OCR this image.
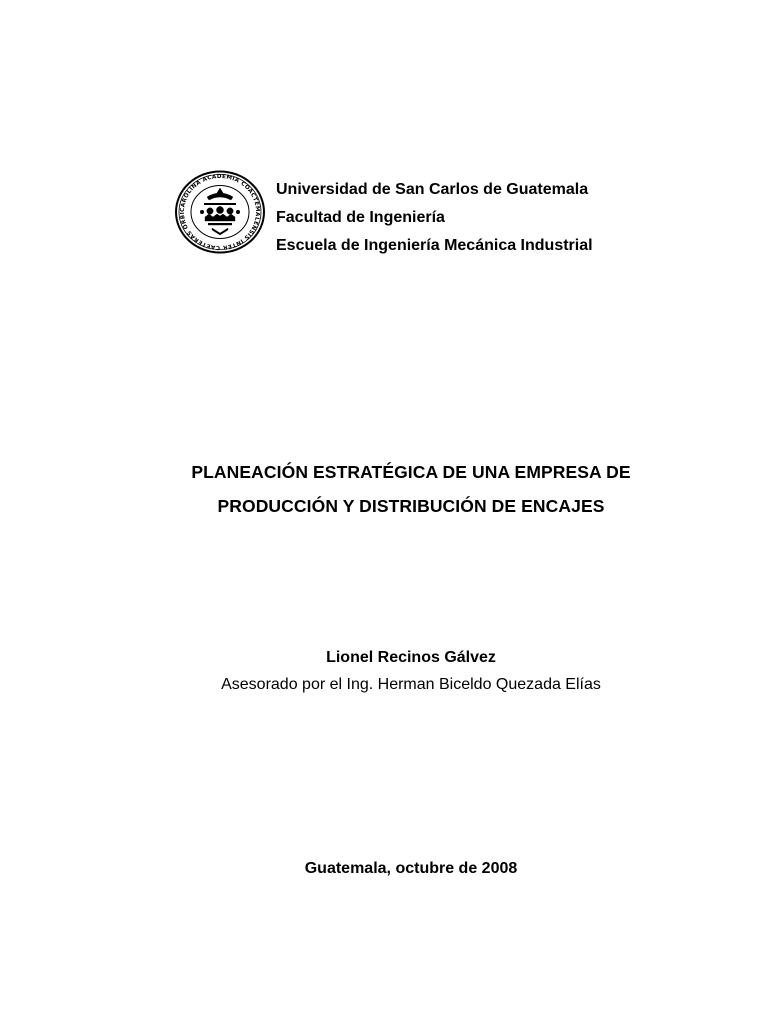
CAROLINA ACADEMIA COACTEMALENSIS INTER CAETERAS ORBI
Universidad de San Carlos de Guatemala
Facultad de Ingeniería
Escuela de Ingeniería Mecánica Industrial
PLANEACIÓN ESTRATÉGICA DE UNA EMPRESA DE
PRODUCCIÓN Y DISTRIBUCIÓN DE ENCAJES
Lionel Recinos Gálvez
Asesorado por el Ing. Herman Biceldo Quezada Elías
Guatemala, octubre de 2008
